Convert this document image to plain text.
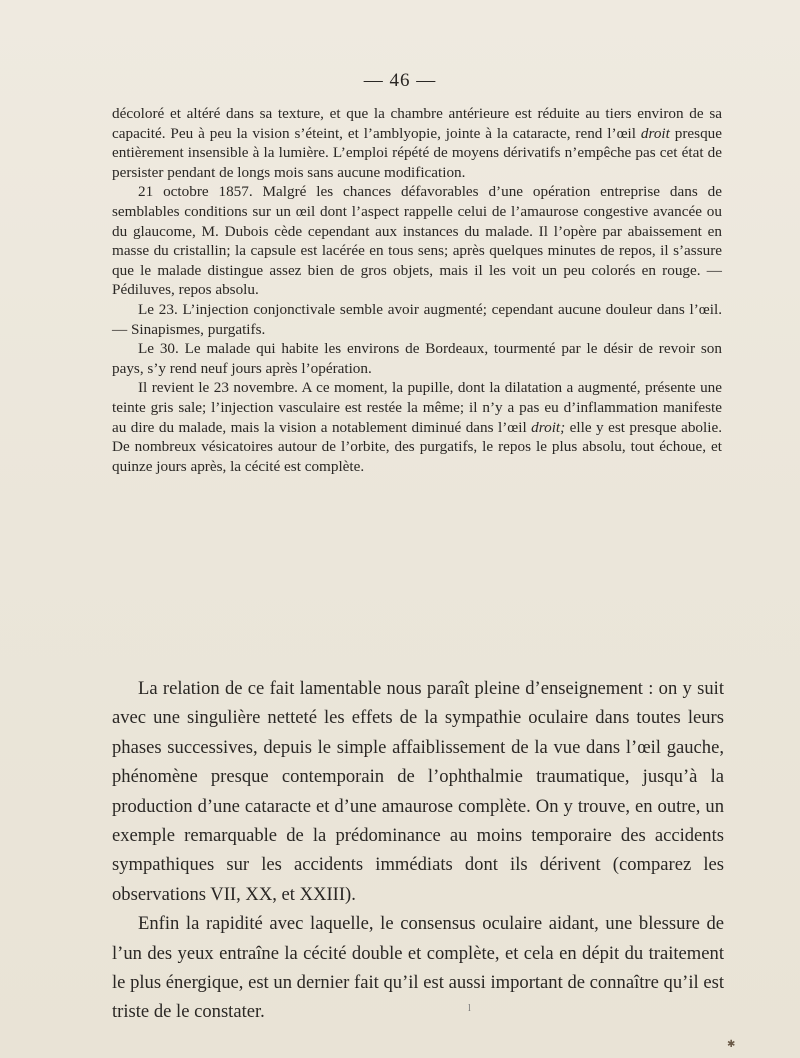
— 46 —

décoloré et altéré dans sa texture, et que la chambre antérieure est réduite au tiers environ de sa capacité. Peu à peu la vision s’éteint, et l’amblyopie, jointe à la cataracte, rend l’œil droit presque entièrement insensible à la lumière. L’emploi répété de moyens dérivatifs n’empêche pas cet état de persister pendant de longs mois sans aucune modification.

21 octobre 1857. Malgré les chances défavorables d’une opération entreprise dans de semblables conditions sur un œil dont l’aspect rappelle celui de l’amaurose congestive avancée ou du glaucome, M. Dubois cède cependant aux instances du malade. Il l’opère par abaissement en masse du cristallin; la capsule est lacérée en tous sens; après quelques minutes de repos, il s’assure que le malade distingue assez bien de gros objets, mais il les voit un peu colorés en rouge. — Pédiluves, repos absolu.

Le 23. L’injection conjonctivale semble avoir augmenté; cependant aucune douleur dans l’œil. — Sinapismes, purgatifs.

Le 30. Le malade qui habite les environs de Bordeaux, tourmenté par le désir de revoir son pays, s’y rend neuf jours après l’opération.

Il revient le 23 novembre. A ce moment, la pupille, dont la dilatation a augmenté, présente une teinte gris sale; l’injection vasculaire est restée la même; il n’y a pas eu d’inflammation manifeste au dire du malade, mais la vision a notablement diminué dans l’œil droit; elle y est presque abolie. De nombreux vésicatoires autour de l’orbite, des purgatifs, le repos le plus absolu, tout échoue, et quinze jours après, la cécité est complète.

La relation de ce fait lamentable nous paraît pleine d’enseignement : on y suit avec une singulière netteté les effets de la sympathie oculaire dans toutes leurs phases successives, depuis le simple affaiblissement de la vue dans l’œil gauche, phénomène presque contemporain de l’ophthalmie traumatique, jusqu’à la production d’une cataracte et d’une amaurose complète. On y trouve, en outre, un exemple remarquable de la prédominance au moins temporaire des accidents sympathiques sur les accidents immédiats dont ils dérivent (comparez les observations VII, XX, et XXIII).

Enfin la rapidité avec laquelle, le consensus oculaire aidant, une blessure de l’un des yeux entraîne la cécité double et complète, et cela en dépit du traitement le plus énergique, est un dernier fait qu’il est aussi important de connaître qu’il est triste de le constater.	l
✱
